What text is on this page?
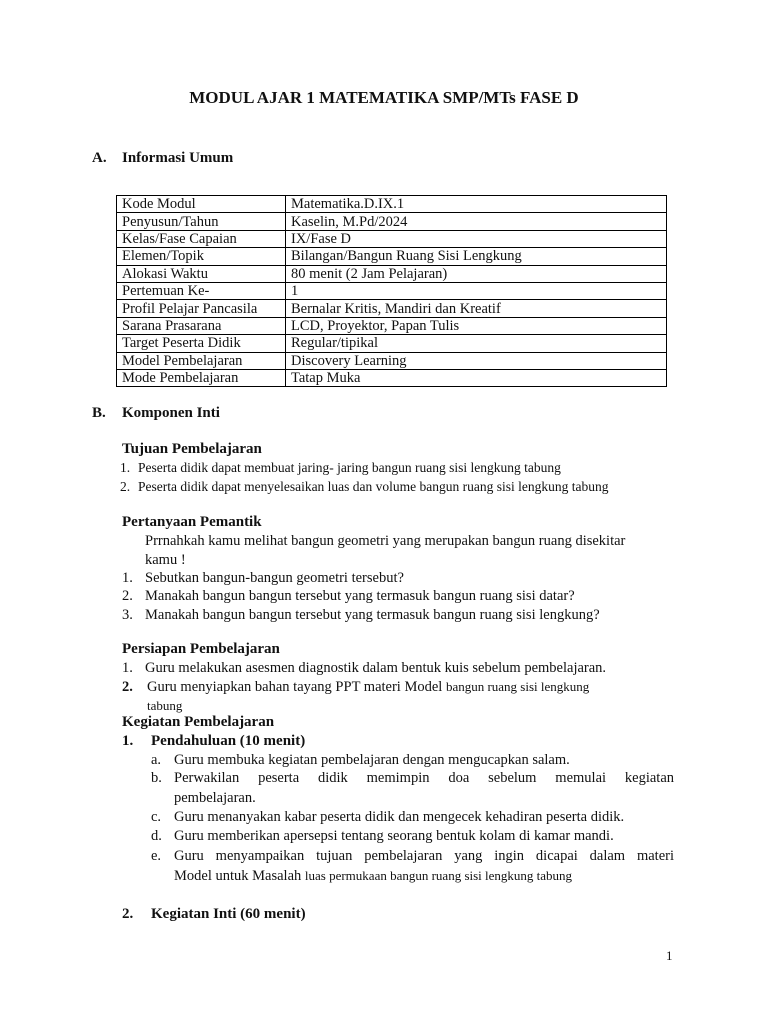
MODUL AJAR 1 MATEMATIKA SMP/MTs FASE D
A. Informasi Umum
Kode Modul	Matematika.D.IX.1
Penyusun/Tahun	Kaselin, M.Pd/2024
Kelas/Fase Capaian	IX/Fase D
Elemen/Topik	Bilangan/Bangun Ruang Sisi Lengkung
Alokasi Waktu	80 menit (2 Jam Pelajaran)
Pertemuan Ke-	1
Profil Pelajar Pancasila	Bernalar Kritis, Mandiri dan Kreatif
Sarana Prasarana	LCD, Proyektor, Papan Tulis
Target Peserta Didik	Regular/tipikal
Model Pembelajaran	Discovery Learning
Mode Pembelajaran	Tatap Muka
B. Komponen Inti
Tujuan Pembelajaran
1. Peserta didik dapat membuat jaring- jaring bangun ruang sisi lengkung tabung
2. Peserta didik dapat menyelesaikan luas dan volume bangun ruang sisi lengkung tabung
Pertanyaan Pemantik
Prrnahkah kamu melihat bangun geometri yang merupakan bangun ruang disekitar
kamu !
1. Sebutkan bangun-bangun geometri tersebut?
2. Manakah bangun bangun tersebut yang termasuk bangun ruang sisi datar?
3. Manakah bangun bangun tersebut yang termasuk bangun ruang sisi lengkung?
Persiapan Pembelajaran
1. Guru melakukan asesmen diagnostik dalam bentuk kuis sebelum pembelajaran.
2. Guru menyiapkan bahan tayang PPT materi Model bangun ruang sisi lengkung
tabung
Kegiatan Pembelajaran
1. Pendahuluan (10 menit)
a. Guru membuka kegiatan pembelajaran dengan mengucapkan salam.
b. Perwakilan peserta didik memimpin doa sebelum memulai kegiatan
pembelajaran.
c. Guru menanyakan kabar peserta didik dan mengecek kehadiran peserta didik.
d. Guru memberikan apersepsi tentang seorang bentuk kolam di kamar mandi.
e. Guru menyampaikan tujuan pembelajaran yang ingin dicapai dalam materi
Model untuk Masalah luas permukaan bangun ruang sisi lengkung tabung
2. Kegiatan Inti (60 menit)
1
